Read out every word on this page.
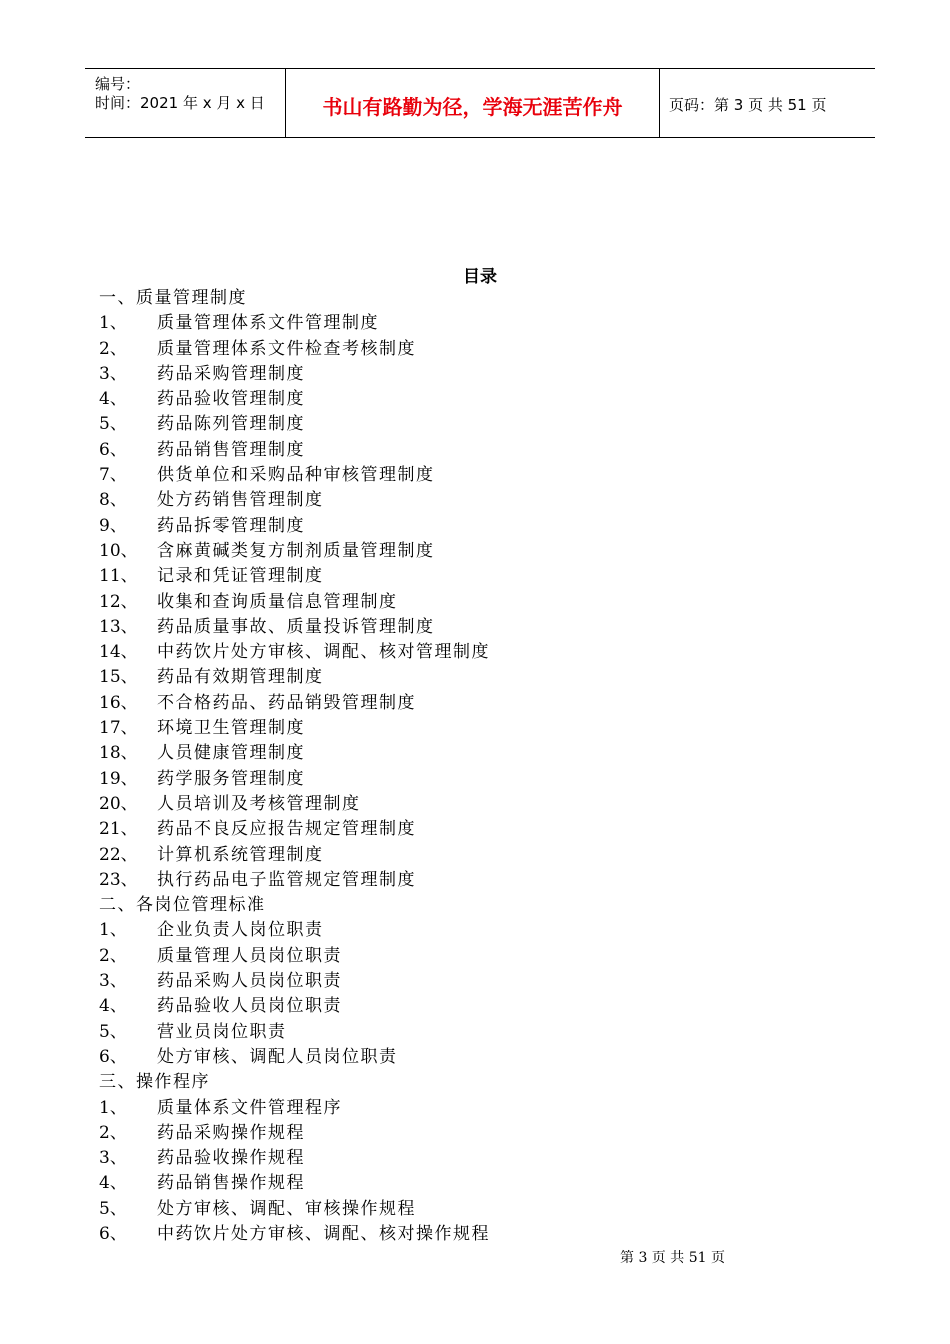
编号：
时间：2021 年 x 月 x 日	书山有路勤为径，学海无涯苦作舟	页码：第 3 页 共 51 页
目录
一、质量管理制度
1、 质量管理体系文件管理制度
2、 质量管理体系文件检查考核制度
3、 药品采购管理制度
4、 药品验收管理制度
5、 药品陈列管理制度
6、 药品销售管理制度
7、 供货单位和采购品种审核管理制度
8、 处方药销售管理制度
9、 药品拆零管理制度
10、 含麻黄碱类复方制剂质量管理制度
11、 记录和凭证管理制度
12、 收集和查询质量信息管理制度
13、 药品质量事故、质量投诉管理制度
14、 中药饮片处方审核、调配、核对管理制度
15、 药品有效期管理制度
16、 不合格药品、药品销毁管理制度
17、 环境卫生管理制度
18、 人员健康管理制度
19、 药学服务管理制度
20、 人员培训及考核管理制度
21、 药品不良反应报告规定管理制度
22、 计算机系统管理制度
23、 执行药品电子监管规定管理制度
二、各岗位管理标准
1、 企业负责人岗位职责
2、 质量管理人员岗位职责
3、 药品采购人员岗位职责
4、 药品验收人员岗位职责
5、 营业员岗位职责
6、 处方审核、调配人员岗位职责
三、操作程序
1、 质量体系文件管理程序
2、 药品采购操作规程
3、 药品验收操作规程
4、 药品销售操作规程
5、 处方审核、调配、审核操作规程
6、 中药饮片处方审核、调配、核对操作规程
第 3 页 共 51 页
